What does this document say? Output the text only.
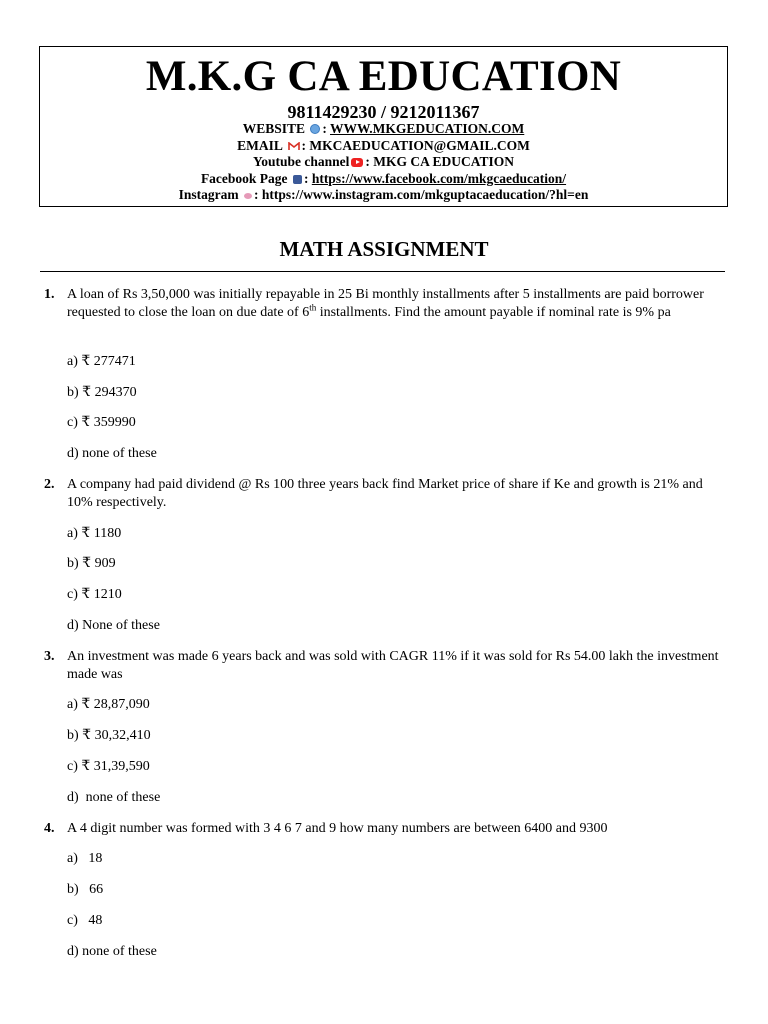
M.K.G CA EDUCATION
9811429230 / 9212011367
WEBSITE : WWW.MKGEDUCATION.COM
EMAIL : MKCAEDUCATION@GMAIL.COM
Youtube channel : MKG CA EDUCATION
Facebook Page : https://www.facebook.com/mkgcaeducation/
Instagram : https://www.instagram.com/mkguptacaeducation/?hl=en
MATH ASSIGNMENT
1. A loan of Rs 3,50,000 was initially repayable in 25 Bi monthly installments after 5 installments are paid borrower requested to close the loan on due date of 6th installments. Find the amount payable if nominal rate is 9% pa
a) ₹ 277471
b) ₹ 294370
c) ₹ 359990
d) none of these
2. A company had paid dividend @ Rs 100 three years back find Market price of share if Ke and growth is 21% and 10% respectively.
a) ₹ 1180
b) ₹ 909
c) ₹ 1210
d) None of these
3. An investment was made 6 years back and was sold with CAGR 11% if it was sold for Rs 54.00 lakh the investment made was
a) ₹ 28,87,090
b) ₹ 30,32,410
c) ₹ 31,39,590
d)  none of these
4. A 4 digit number was formed with 3 4 6 7 and 9 how many numbers are between 6400 and 9300
a)   18
b)   66
c)   48
d) none of these
